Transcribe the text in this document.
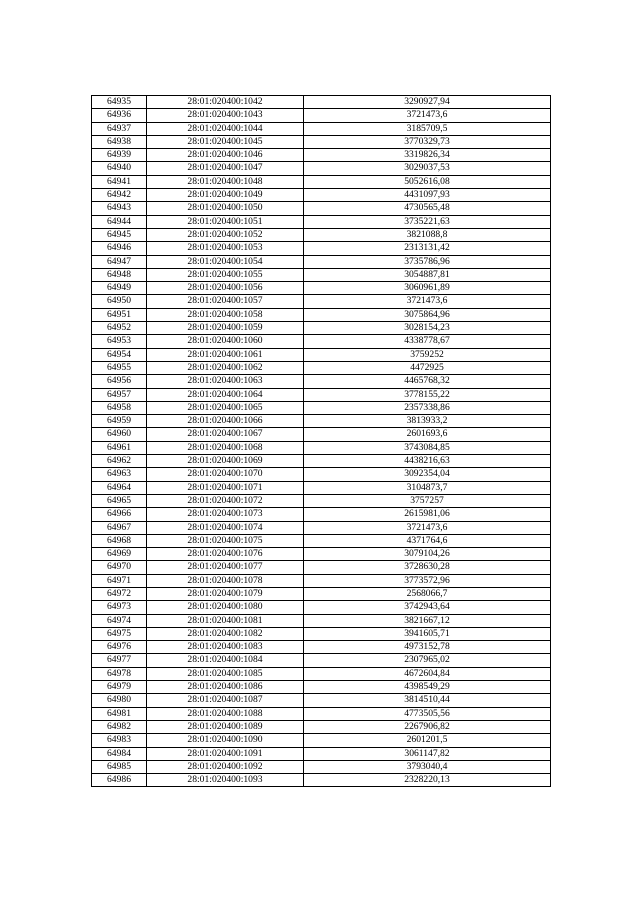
64935	28:01:020400:1042	3290927,94
64936	28:01:020400:1043	3721473,6
64937	28:01:020400:1044	3185709,5
64938	28:01:020400:1045	3770329,73
64939	28:01:020400:1046	3319826,34
64940	28:01:020400:1047	3029037,53
64941	28:01:020400:1048	5052616,08
64942	28:01:020400:1049	4431097,93
64943	28:01:020400:1050	4730565,48
64944	28:01:020400:1051	3735221,63
64945	28:01:020400:1052	3821088,8
64946	28:01:020400:1053	2313131,42
64947	28:01:020400:1054	3735786,96
64948	28:01:020400:1055	3054887,81
64949	28:01:020400:1056	3060961,89
64950	28:01:020400:1057	3721473,6
64951	28:01:020400:1058	3075864,96
64952	28:01:020400:1059	3028154,23
64953	28:01:020400:1060	4338778,67
64954	28:01:020400:1061	3759252
64955	28:01:020400:1062	4472925
64956	28:01:020400:1063	4465768,32
64957	28:01:020400:1064	3778155,22
64958	28:01:020400:1065	2357338,86
64959	28:01:020400:1066	3813933,2
64960	28:01:020400:1067	2601693,6
64961	28:01:020400:1068	3743084,85
64962	28:01:020400:1069	4438216,63
64963	28:01:020400:1070	3092354,04
64964	28:01:020400:1071	3104873,7
64965	28:01:020400:1072	3757257
64966	28:01:020400:1073	2615981,06
64967	28:01:020400:1074	3721473,6
64968	28:01:020400:1075	4371764,6
64969	28:01:020400:1076	3079104,26
64970	28:01:020400:1077	3728630,28
64971	28:01:020400:1078	3773572,96
64972	28:01:020400:1079	2568066,7
64973	28:01:020400:1080	3742943,64
64974	28:01:020400:1081	3821667,12
64975	28:01:020400:1082	3941605,71
64976	28:01:020400:1083	4973152,78
64977	28:01:020400:1084	2307965,02
64978	28:01:020400:1085	4672604,84
64979	28:01:020400:1086	4398549,29
64980	28:01:020400:1087	3814510,44
64981	28:01:020400:1088	4773505,56
64982	28:01:020400:1089	2267906,82
64983	28:01:020400:1090	2601201,5
64984	28:01:020400:1091	3061147,82
64985	28:01:020400:1092	3793040,4
64986	28:01:020400:1093	2328220,13
